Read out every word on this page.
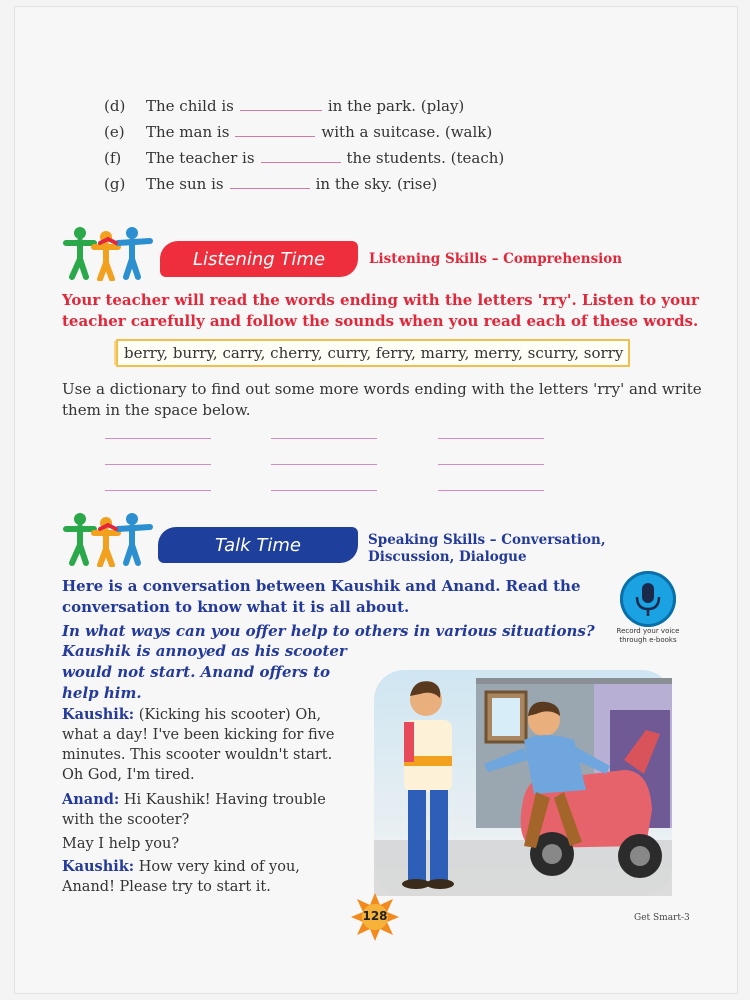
(d) The child is	in the park. (play)
(e) The man is	with a suitcase. (walk)
(f) The teacher is	the students. (teach)
(g) The sun is	in the sky. (rise)
Listening Time	Listening Skills – Comprehension
Your teacher will read the words ending with the letters 'rry'. Listen to your
teacher carefully and follow the sounds when you read each of these words.
berry, burry, carry, cherry, curry, ferry, marry, merry, scurry, sorry
Use a dictionary to find out some more words ending with the letters 'rry' and write
them in the space below.
Talk Time	Speaking Skills – Conversation,
Discussion, Dialogue
Here is a conversation between Kaushik and Anand. Read the
conversation to know what it is all about.
Record your voice
through e-books
In what ways can you offer help to others in various situations?
Kaushik is annoyed as his scooter
would not start. Anand offers to
help him.
Kaushik: (Kicking his scooter) Oh,
what a day! I've been kicking for five
minutes. This scooter wouldn't start.
Oh God, I'm tired.
Anand: Hi Kaushik! Having trouble
with the scooter?
May I help you?
Kaushik: How very kind of you,
Anand! Please try to start it.
128	Get Smart-3
